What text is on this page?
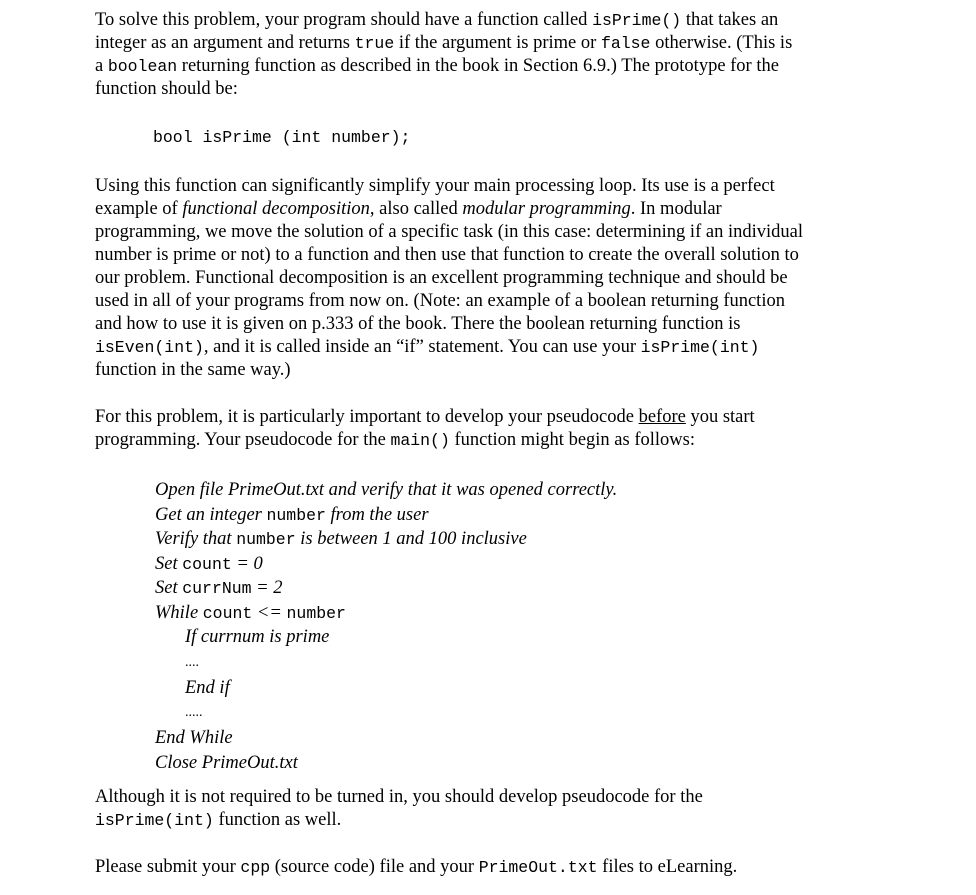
To solve this problem, your program should have a function called isPrime() that takes an
integer as an argument and returns true if the argument is prime or false otherwise. (This is
a boolean returning function as described in the book in Section 6.9.) The prototype for the
function should be:
bool isPrime (int number);
Using this function can significantly simplify your main processing loop. Its use is a perfect
example of functional decomposition, also called modular programming. In modular
programming, we move the solution of a specific task (in this case: determining if an individual
number is prime or not) to a function and then use that function to create the overall solution to
our problem. Functional decomposition is an excellent programming technique and should be
used in all of your programs from now on. (Note: an example of a boolean returning function
and how to use it is given on p.333 of the book. There the boolean returning function is
isEven(int), and it is called inside an “if” statement. You can use your isPrime(int)
function in the same way.)
For this problem, it is particularly important to develop your pseudocode before you start
programming. Your pseudocode for the main() function might begin as follows:
Open file PrimeOut.txt and verify that it was opened correctly.
Get an integer number from the user
Verify that number is between 1 and 100 inclusive
Set count = 0
Set currNum = 2
While count <= number
If currnum is prime
....
End if
.....
End While
Close PrimeOut.txt
Although it is not required to be turned in, you should develop pseudocode for the
isPrime(int) function as well.
Please submit your cpp (source code) file and your PrimeOut.txt files to eLearning.
